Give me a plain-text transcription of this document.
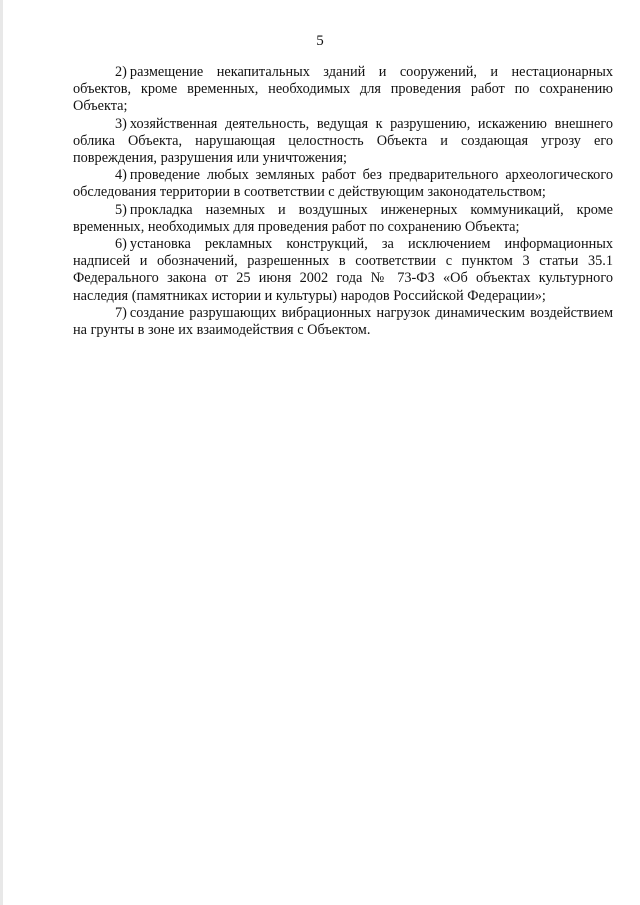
5

2) размещение некапитальных зданий и сооружений, и нестационарных объектов, кроме временных, необходимых для проведения работ по сохранению Объекта;

3) хозяйственная деятельность, ведущая к разрушению, искажению внешнего облика Объекта, нарушающая целостность Объекта и создающая угрозу его повреждения, разрушения или уничтожения;

4) проведение любых земляных работ без предварительного археологического обследования территории в соответствии с действующим законодательством;

5) прокладка наземных и воздушных инженерных коммуникаций, кроме временных, необходимых для проведения работ по сохранению Объекта;

6) установка рекламных конструкций, за исключением информационных надписей и обозначений, разрешенных в соответствии с пунктом 3 статьи 35.1 Федерального закона от 25 июня 2002 года № 73-ФЗ «Об объектах культурного наследия (памятниках истории и культуры) народов Российской Федерации»;

7) создание разрушающих вибрационных нагрузок динамическим воздействием на грунты в зоне их взаимодействия с Объектом.
